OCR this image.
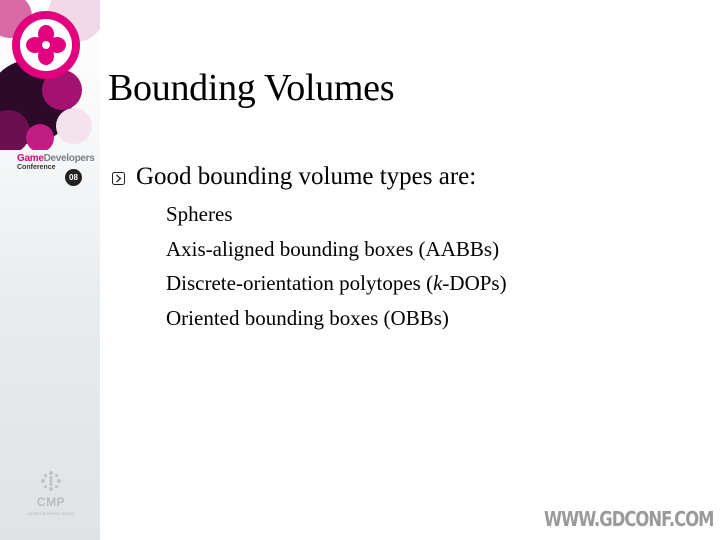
GameDevelopers
Conference
08
CMP
United Business Media
Bounding Volumes
Good bounding volume types are:
Spheres
Axis-aligned bounding boxes (AABBs)
Discrete-orientation polytopes (k-DOPs)
Oriented bounding boxes (OBBs)
WWW.GDCONF.COM
